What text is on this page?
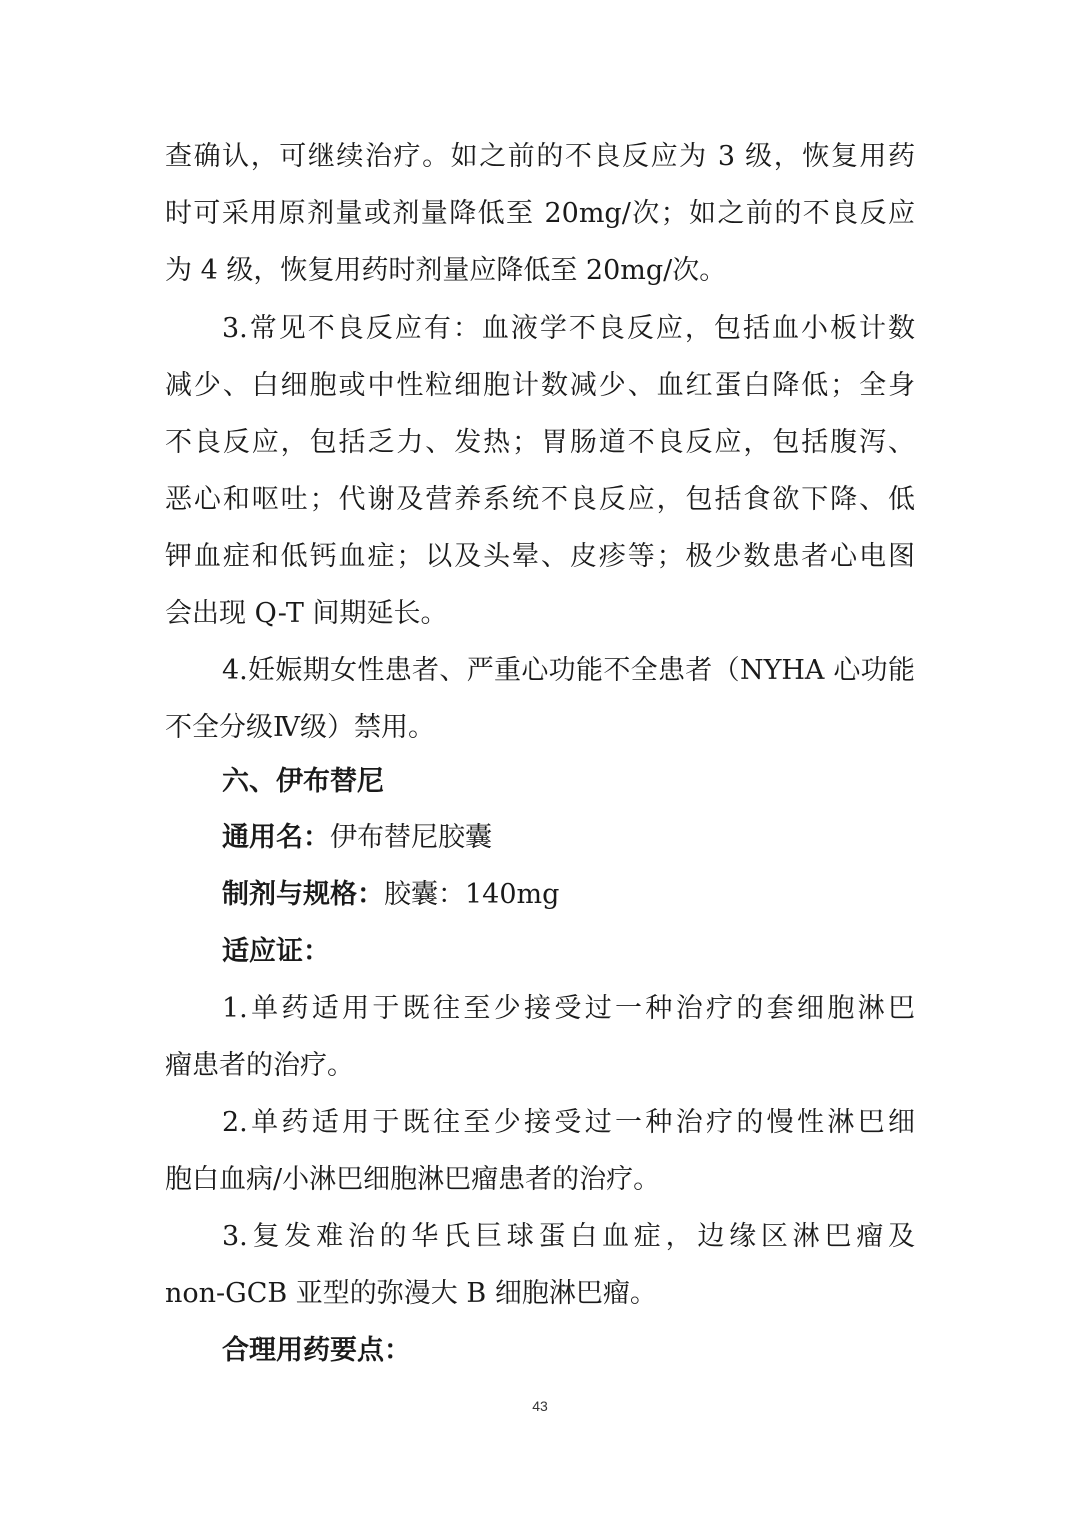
查确认，可继续治疗。如之前的不良反应为 3 级，恢复用药
时可采用原剂量或剂量降低至 20mg/次；如之前的不良反应
为 4 级，恢复用药时剂量应降低至 20mg/次。
3.常见不良反应有：血液学不良反应，包括血小板计数
减少、白细胞或中性粒细胞计数减少、血红蛋白降低；全身
不良反应，包括乏力、发热；胃肠道不良反应，包括腹泻、
恶心和呕吐；代谢及营养系统不良反应，包括食欲下降、低
钾血症和低钙血症；以及头晕、皮疹等；极少数患者心电图
会出现 Q-T 间期延长。
4.妊娠期女性患者、严重心功能不全患者（NYHA 心功能
不全分级Ⅳ级）禁用。
六、伊布替尼
通用名：伊布替尼胶囊
制剂与规格：胶囊：140mg
适应证：
1.单药适用于既往至少接受过一种治疗的套细胞淋巴
瘤患者的治疗。
2.单药适用于既往至少接受过一种治疗的慢性淋巴细
胞白血病/小淋巴细胞淋巴瘤患者的治疗。
3.复发难治的华氏巨球蛋白血症，边缘区淋巴瘤及
non-GCB 亚型的弥漫大 B 细胞淋巴瘤。
合理用药要点：
43
